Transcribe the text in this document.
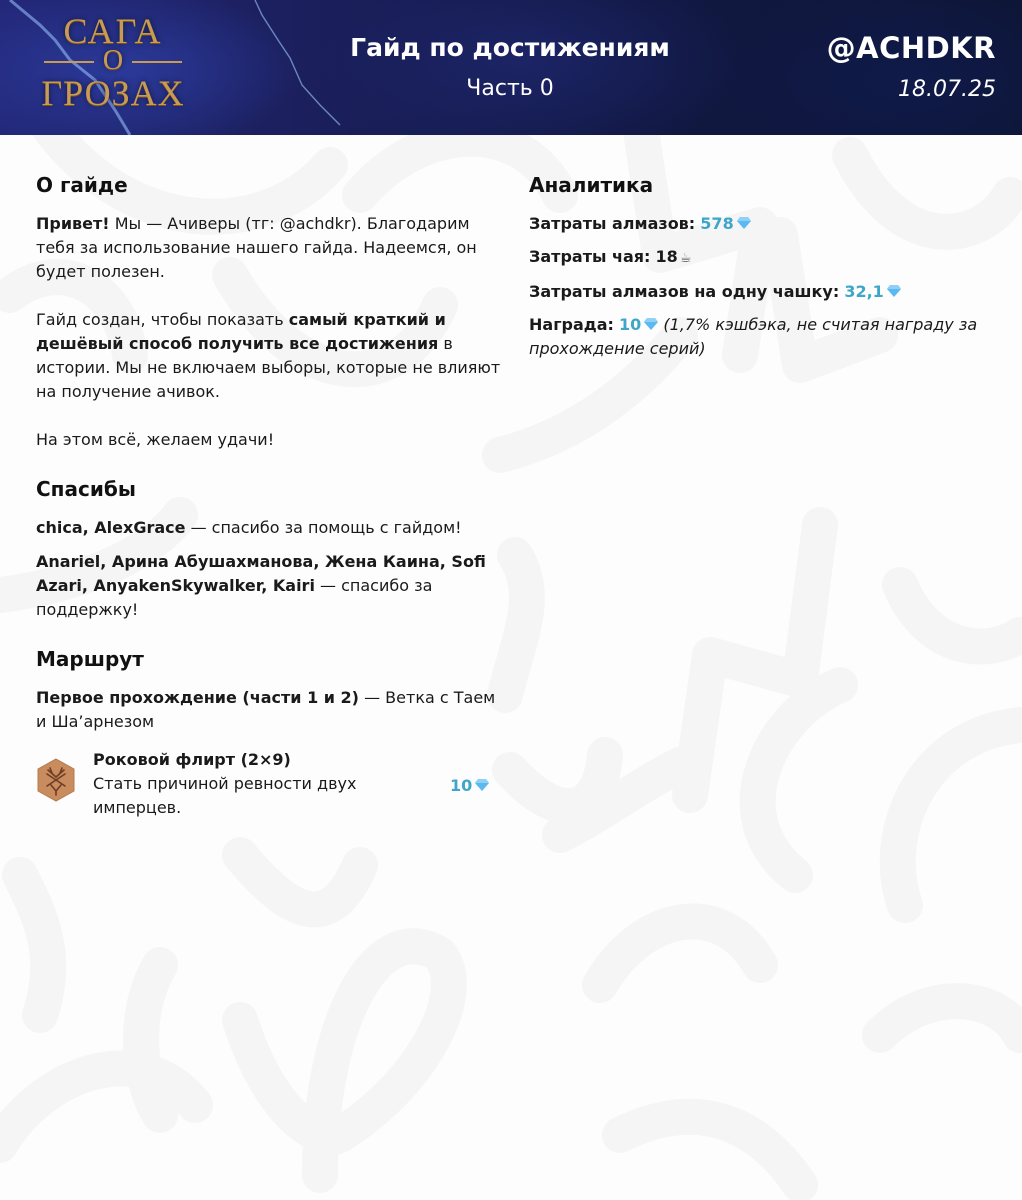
САГА
О
ГРОЗАХ
Гайд по достижениям
Часть 0
@ACHDKR
18.07.25
О гайде

Привет! Мы — Ачиверы (тг: @achdkr). Благодарим тебя за использование нашего гайда. Надеемся, он будет полезен.

Гайд создан, чтобы показать самый краткий и дешёвый способ получить все достижения в истории. Мы не включаем выборы, которые не влияют на получение ачивок.

На этом всё, желаем удачи!

Спасибы

chica, AlexGrace — спасибо за помощь с гайдом!

Anariel, Арина Абушахманова, Жена Каина, Sofi Azari, AnyakenSkywalker, Kairi — спасибо за поддержку!

Маршрут

Первое прохождение (части 1 и 2) — Ветка с Таем и Ша’арнезом

Роковой флирт (2×9)
Стать причиной ревности двух имперцев.
10
Аналитика
Затраты алмазов: 578
Затраты чая: 18 ☕
Затраты алмазов на одну чашку: 32,1
Награда: 10 (1,7% кэшбэка, не считая награду за прохождение серий)
